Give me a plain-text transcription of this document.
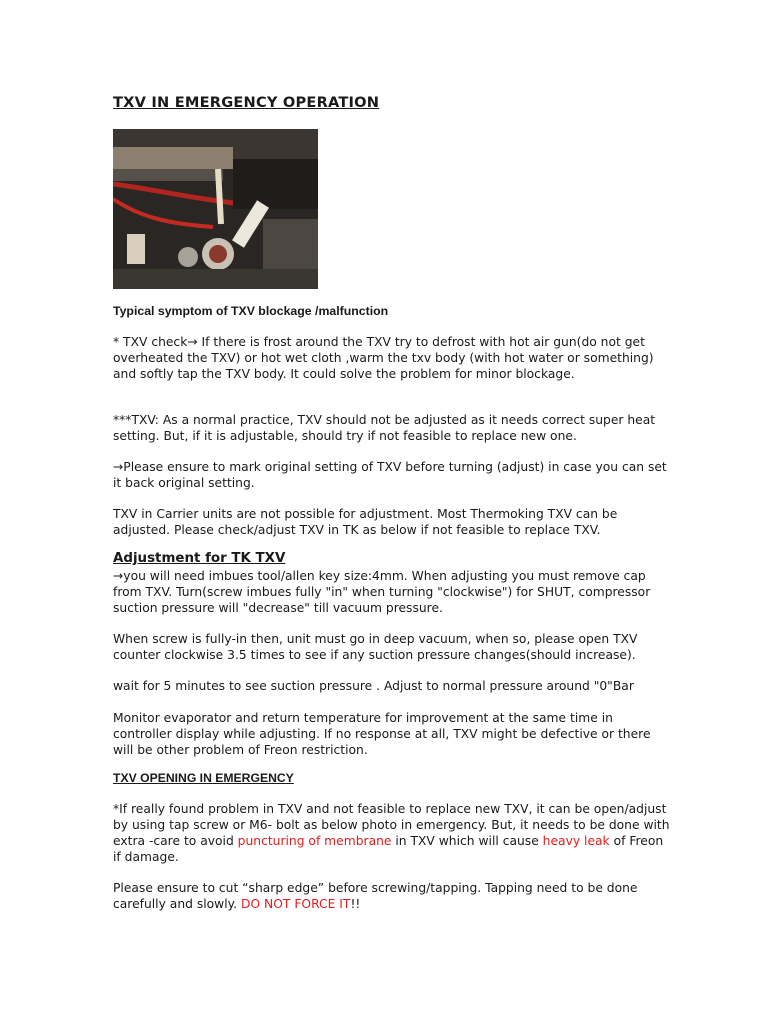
TXV IN EMERGENCY OPERATION
Typical symptom of TXV blockage /malfunction

* TXV check→ If there is frost around the TXV try to defrost with hot air gun(do not get overheated the TXV) or hot wet cloth ,warm the txv body (with hot water or something) and softly tap the TXV body. It could solve the problem for minor blockage.

***TXV: As a normal practice, TXV should not be adjusted as it needs correct super heat setting. But, if it is adjustable, should try if not feasible to replace new one.

→Please ensure to mark original setting of TXV before turning (adjust) in case you can set it back original setting.

TXV in Carrier units are not possible for adjustment. Most Thermoking TXV can be adjusted. Please check/adjust TXV in TK as below if not feasible to replace TXV.

Adjustment for TK TXV

→you will need imbues tool/allen key size:4mm. When adjusting you must remove cap from TXV. Turn(screw imbues fully "in" when turning "clockwise") for SHUT, compressor suction pressure will "decrease" till vacuum pressure.

When screw is fully-in then, unit must go in deep vacuum, when so, please open TXV counter clockwise 3.5 times to see if any suction pressure changes(should increase).

wait for 5 minutes to see suction pressure . Adjust to normal pressure around "0"Bar

Monitor evaporator and return temperature for improvement at the same time in controller display while adjusting. If no response at all, TXV might be defective or there will be other problem of Freon restriction.

TXV OPENING IN EMERGENCY

*If really found problem in TXV and not feasible to replace new TXV, it can be open/adjust by using tap screw or M6- bolt as below photo in emergency. But, it needs to be done with extra -care to avoid puncturing of membrane in TXV which will cause heavy leak of Freon if damage.

Please ensure to cut “sharp edge” before screwing/tapping. Tapping need to be done carefully and slowly. DO NOT FORCE IT!!
